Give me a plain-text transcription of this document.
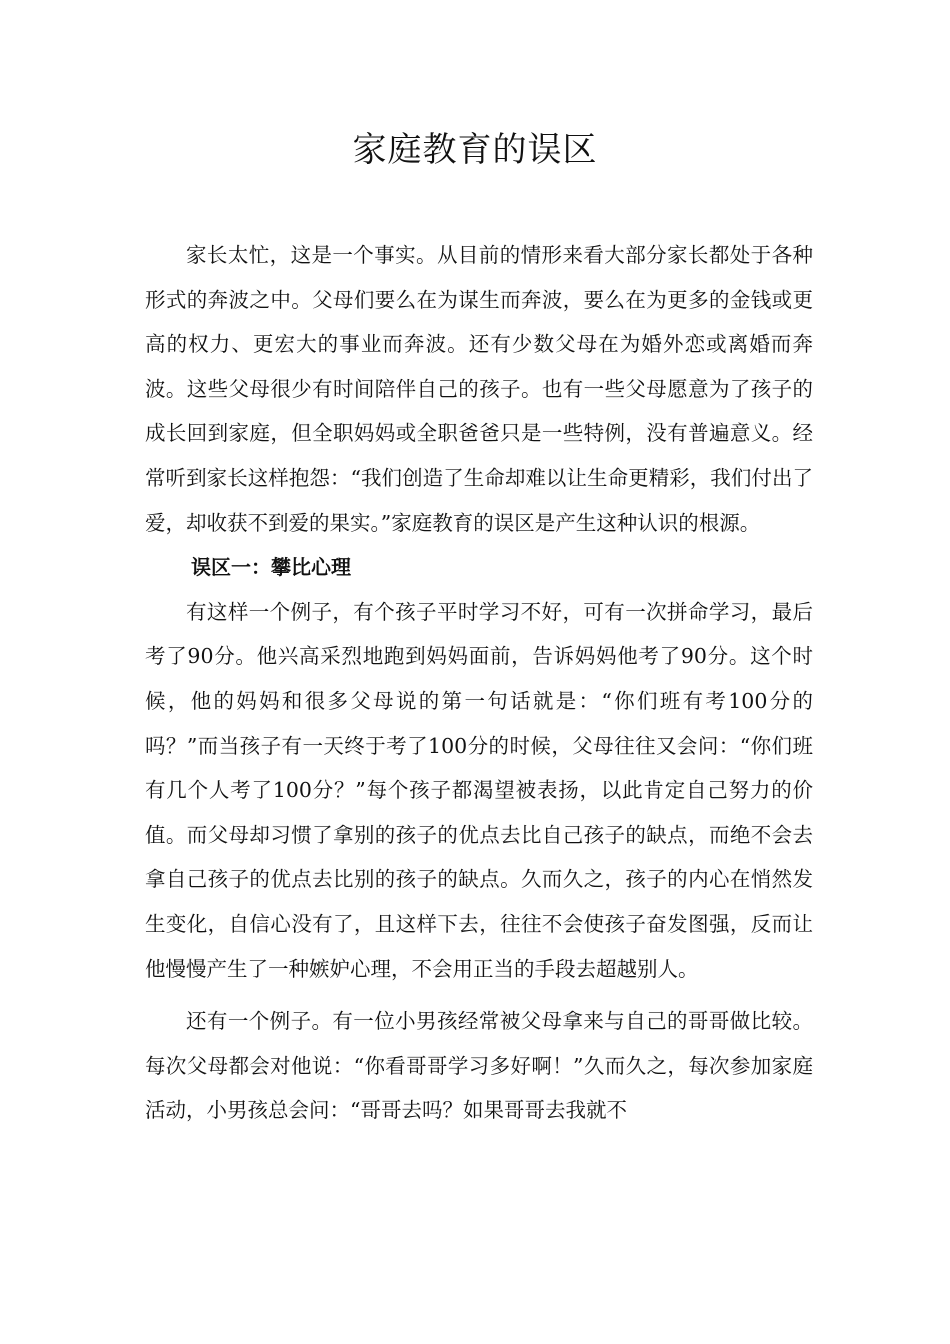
家庭教育的误区

家长太忙，这是一个事实。从目前的情形来看大部分家长都处于各种形式的奔波之中。父母们要么在为谋生而奔波，要么在为更多的金钱或更高的权力、更宏大的事业而奔波。还有少数父母在为婚外恋或离婚而奔波。这些父母很少有时间陪伴自己的孩子。也有一些父母愿意为了孩子的成长回到家庭，但全职妈妈或全职爸爸只是一些特例，没有普遍意义。经常听到家长这样抱怨：“我们创造了生命却难以让生命更精彩，我们付出了爱，却收获不到爱的果实。”家庭教育的误区是产生这种认识的根源。

误区一：攀比心理

有这样一个例子，有个孩子平时学习不好，可有一次拼命学习，最后考了90分。他兴高采烈地跑到妈妈面前，告诉妈妈他考了90分。这个时候，他的妈妈和很多父母说的第一句话就是：“你们班有考100分的吗？”而当孩子有一天终于考了100分的时候，父母往往又会问：“你们班有几个人考了100分？”每个孩子都渴望被表扬，以此肯定自己努力的价值。而父母却习惯了拿别的孩子的优点去比自己孩子的缺点，而绝不会去拿自己孩子的优点去比别的孩子的缺点。久而久之，孩子的内心在悄然发生变化，自信心没有了，且这样下去，往往不会使孩子奋发图强，反而让他慢慢产生了一种嫉妒心理，不会用正当的手段去超越别人。

还有一个例子。有一位小男孩经常被父母拿来与自己的哥哥做比较。每次父母都会对他说：“你看哥哥学习多好啊！”久而久之，每次参加家庭活动，小男孩总会问：“哥哥去吗？如果哥哥去我就不
